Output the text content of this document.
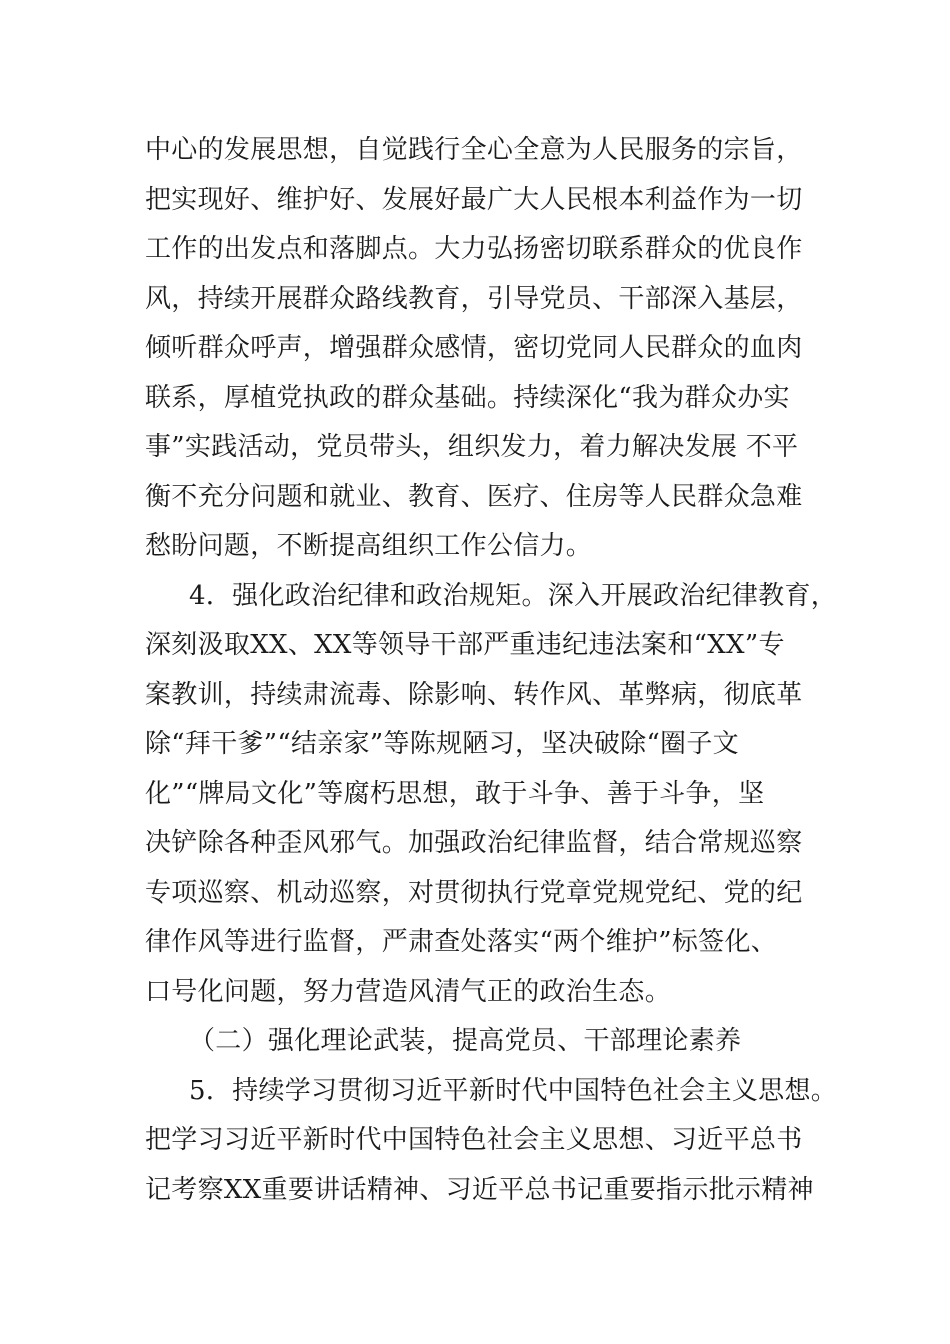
中心的发展思想，自觉践行全心全意为人民服务的宗旨，
把实现好、维护好、发展好最广大人民根本利益作为一切
工作的出发点和落脚点。大力弘扬密切联系群众的优良作
风，持续开展群众路线教育，引导党员、干部深入基层，
倾听群众呼声，增强群众感情，密切党同人民群众的血肉
联系，厚植党执政的群众基础。持续深化“我为群众办实
事”实践活动，党员带头，组织发力，着力解决发展 不平
衡不充分问题和就业、教育、医疗、住房等人民群众急难
愁盼问题，不断提高组织工作公信力。
4．强化政治纪律和政治规矩。深入开展政治纪律教育，
深刻汲取XX、XX等领导干部严重违纪违法案和“XX”专
案教训，持续肃流毒、除影响、转作风、革弊病，彻底革
除“拜干爹”“结亲家”等陈规陋习，坚决破除“圈子文
化”“牌局文化”等腐朽思想，敢于斗争、善于斗争，坚
决铲除各种歪风邪气。加强政治纪律监督，结合常规巡察
专项巡察、机动巡察，对贯彻执行党章党规党纪、党的纪
律作风等进行监督，严肃查处落实“两个维护”标签化、
口号化问题，努力营造风清气正的政治生态。
（二）强化理论武装，提高党员、干部理论素养
5．持续学习贯彻习近平新时代中国特色社会主义思想。
把学习习近平新时代中国特色社会主义思想、习近平总书
记考察XX重要讲话精神、习近平总书记重要指示批示精神
